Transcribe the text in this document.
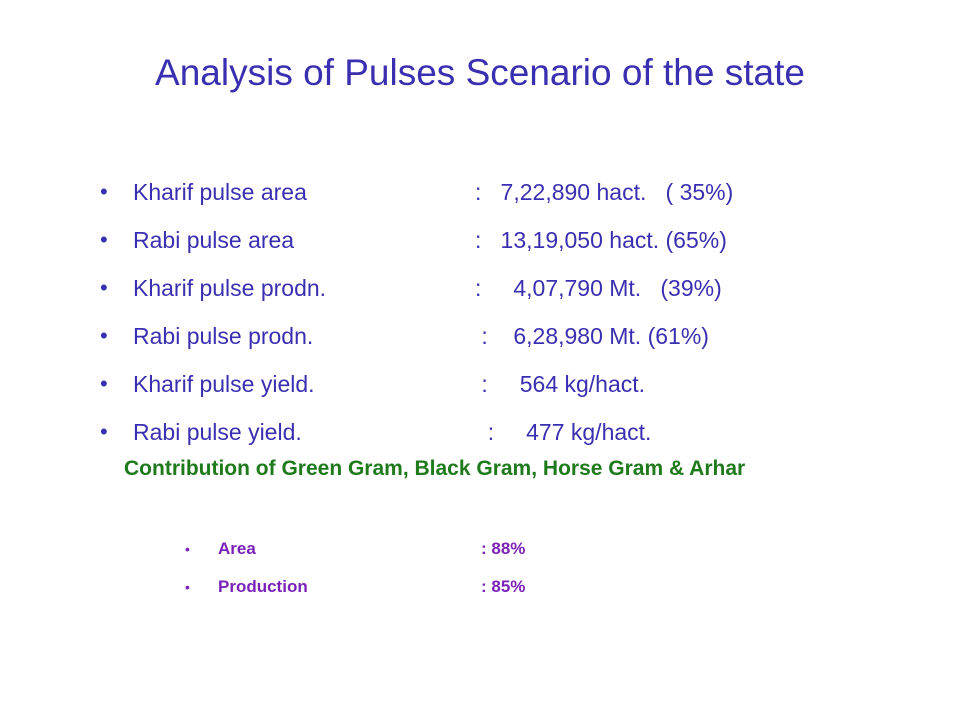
Analysis of Pulses Scenario of the state
•	Kharif pulse area	:   7,22,890 hact.   ( 35%)
•	Rabi pulse area	:   13,19,050 hact. (65%)
•	Kharif pulse prodn.	:     4,07,790 Mt.   (39%)
•	Rabi pulse prodn.	:    6,28,980 Mt. (61%)
•	Kharif pulse yield.	:     564 kg/hact.
•	Rabi pulse yield.	:     477 kg/hact.
Contribution of Green Gram, Black Gram, Horse Gram & Arhar
•	Area	: 88%
•	Production	: 85%
